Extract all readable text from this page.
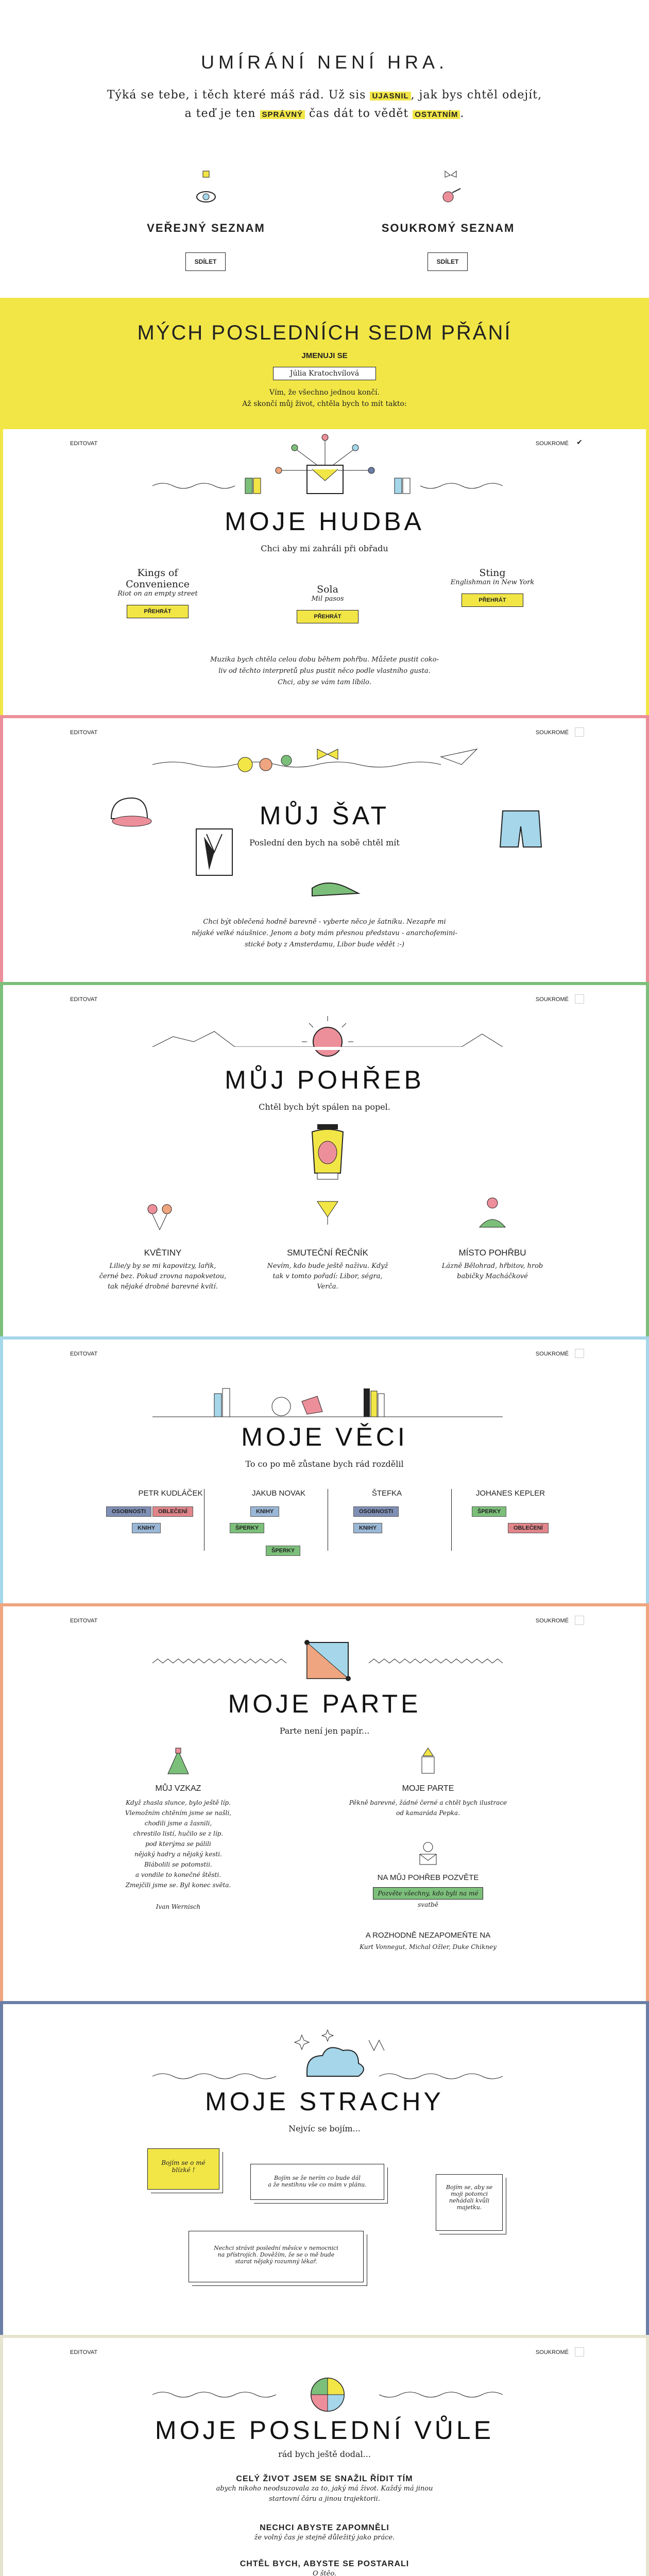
UMÍRÁNÍ NENÍ HRA.
Týká se tebe, i těch které máš rád. Už sis UJASNIL , jak bys chtěl odejít,
a teď je ten SPRÁVNÝ čas dát to vědět OSTATNÍM .
VEŘEJNÝ SEZNAM
SDÍLET
SOUKROMÝ SEZNAM
SDÍLET
MÝCH POSLEDNÍCH SEDM PŘÁNÍ
JMENUJI SE
Júlia Kratochvílová
Vím, že všechno jednou končí.
Až skončí můj život, chtěla bych to mít takto:
EDITOVAT	SOUKROMÉ ✔
MOJE HUDBA
Chci aby mi zahráli při obřadu
Kings of Convenience
Riot on an empty street
PŘEHRÁT
Sola
Mil pasos
PŘEHRÁT
Sting
Englishman in New York
PŘEHRÁT
Muzika bych chtěla celou dobu během pohřbu. Můžete pustit coko-
liv od těchto interpretů plus pustit něco podle vlastního gusta.
Chci, aby se vám tam líbilo.
EDITOVAT	SOUKROMÉ
MŮJ ŠAT
Poslední den bych na sobě chtěl mít
Chci být oblečená hodně barevně - vyberte něco je šatníku. Nezapře mi
nějaké velké náušnice. Jenom a boty mám přesnou představu - anarchofemini-
stické boty z Amsterdamu, Libor bude vědět :-)
EDITOVAT	SOUKROMÉ
MŮJ POHŘEB
Chtěl bych být spálen na popel.
KVĚTINY
Lilie/y by se mi kapovitzy, lařik,
černé bez. Pokud zrovna napokvetou,
tak nějaké drobné barevné kvítí.
SMUTEČNÍ ŘEČNÍK
Nevím, kdo bude ještě naživu. Když
tak v tomto pořadí: Libor, ségra,
Verča.
MÍSTO POHŘBU
Lázně Bělohrad, hřbitov, hrob
babičky Macháčkové
EDITOVAT	SOUKROMÉ
MOJE VĚCI
To co po mě zůstane bych rád rozdělil
PETR KUDLÁČEK
OSOBNOSTI	OBLEČENÍ
KNIHY
JAKUB NOVAK
KNIHY
ŠPERKY
ŠPERKY
ŠTEFKA
OSOBNOSTI
KNIHY
JOHANES KEPLER
ŠPERKY
OBLEČENÍ
EDITOVAT	SOUKROMÉ
MOJE PARTE
Parte není jen papír...
MŮJ VZKAZ
Když zhasla slunce, bylo ještě líp.
Vlemožním chtěním jsme se našli,
chodili jsme a žasnili,
chrestilo listí, hučilo se z líp.
pod kterýma se pálili
nějaký hadry a nějaký kesti.
Blábolili se potomstii.
a vondile to konečné štěsti.
Zmejčili jsme se. Byl konec světa.
Ivan Wernisch
MOJE PARTE
Pěkně barevné, žádné černé a chtěl bych ilustrace
od kamaráda Pepka.
NA MŮJ POHŘEB POZVĚTE
Pozvěte všechny, kdo byli na mé svatbě
A ROZHODNĚ NEZAPOMEŇTE NA
Kurt Vonnegut, Michal Ožler, Duke Chikney
MOJE STRACHY
Nejvíc se bojím...
Bojím se o mé
blízké !
Bojím se že nerím co bude dál
a že nestihnu vše co mám v plánu.	Bojím se, aby se
moji potomci
nehádali kvůli
majetku.
Nechci strávit poslední měsíce v nemocnici
na přístrojích. Dověžím, že se o mě bude
starat nějaký rozumný lékař.
EDITOVAT	SOUKROMÉ
MOJE POSLEDNÍ VŮLE
rád bych ještě dodal...
CELÝ ŽIVOT JSEM SE SNAŽIL ŘÍDIT TÍM
abych nikoho neodsuzovala za to, jaký má život. Každý má jinou
startovní čáru a jinou trajektorii.
NECHCI ABYSTE ZAPOMNĚLI
že volný čas je stejně důležitý jako práce.
CHTĚL BYCH, ABYSTE SE POSTARALI
O štěo.
